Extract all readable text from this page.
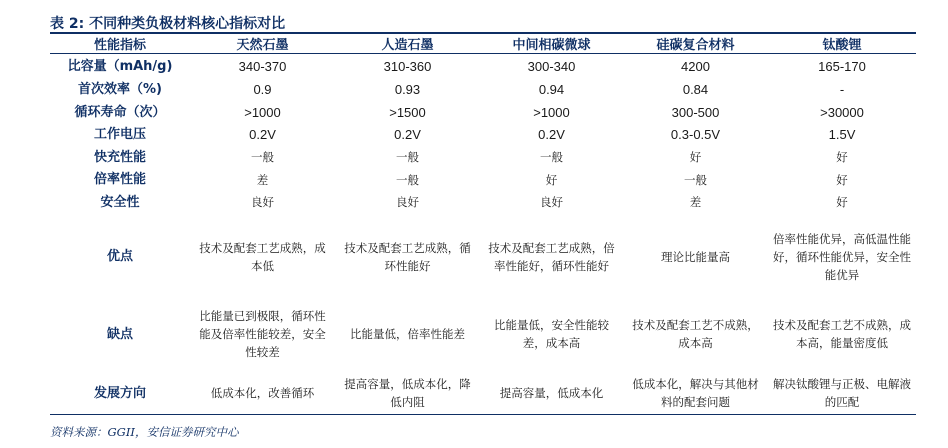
表 2: 不同种类负极材料核心指标对比
性能指标	天然石墨	人造石墨	中间相碳微球	硅碳复合材料	钛酸锂
比容量（mAh/g)	340-370	310-360	300-340	4200	165-170
首次效率（%)	0.9	0.93	0.94	0.84	-
循环寿命（次）	>1000	>1500	>1000	300-500	>30000
工作电压	0.2V	0.2V	0.2V	0.3-0.5V	1.5V
快充性能	一般	一般	一般	好	好
倍率性能	差	一般	好	一般	好
安全性	良好	良好	良好	差	好
优点	技术及配套工艺成熟，成本低	技术及配套工艺成熟，循环性能好	技术及配套工艺成熟，倍率性能好，循环性能好	理论比能量高	倍率性能优异，高低温性能好，循环性能优异，安全性能优异
缺点	比能量已到极限，循环性能及倍率性能较差，安全性较差	比能量低，倍率性能差	比能量低，安全性能较差，成本高	技术及配套工艺不成熟，成本高	技术及配套工艺不成熟，成本高，能量密度低
发展方向	低成本化，改善循环	提高容量，低成本化，降低内阻	提高容量，低成本化	低成本化，解决与其他材料的配套问题	解决钛酸锂与正极、电解液的匹配
资料来源：GGII，安信证券研究中心
